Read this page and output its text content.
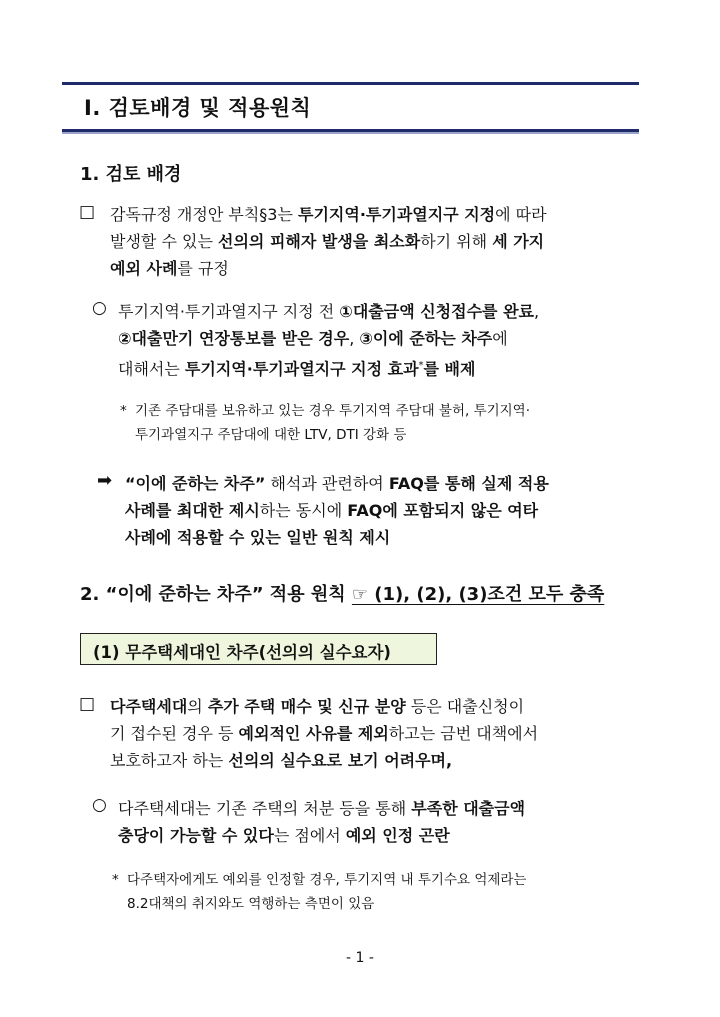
Ⅰ. 검토배경 및 적용원칙
1. 검토 배경
□ 감독규정 개정안 부칙§3는 투기지역·투기과열지구 지정에 따라
발생할 수 있는 선의의 피해자 발생을 최소화하기 위해 세 가지
예외 사례를 규정
○ 투기지역·투기과열지구 지정 전 ①대출금액 신청접수를 완료,
②대출만기 연장통보를 받은 경우, ③이에 준하는 차주에
대해서는 투기지역·투기과열지구 지정 효과*를 배제
* 기존 주담대를 보유하고 있는 경우 투기지역 주담대 불허, 투기지역·
투기과열지구 주담대에 대한 LTV, DTI 강화 등
➡ “이에 준하는 차주” 해석과 관련하여 FAQ를 통해 실제 적용
사례를 최대한 제시하는 동시에 FAQ에 포함되지 않은 여타
사례에 적용할 수 있는 일반 원칙 제시
2. “이에 준하는 차주” 적용 원칙 ☞ (1), (2), (3)조건 모두 충족
(1) 무주택세대인 차주(선의의 실수요자)
□ 다주택세대의 추가 주택 매수 및 신규 분양 등은 대출신청이
기 접수된 경우 등 예외적인 사유를 제외하고는 금번 대책에서
보호하고자 하는 선의의 실수요로 보기 어려우며,
○ 다주택세대는 기존 주택의 처분 등을 통해 부족한 대출금액
충당이 가능할 수 있다는 점에서 예외 인정 곤란
* 다주택자에게도 예외를 인정할 경우, 투기지역 내 투기수요 억제라는
8.2대책의 취지와도 역행하는 측면이 있음
- 1 -
